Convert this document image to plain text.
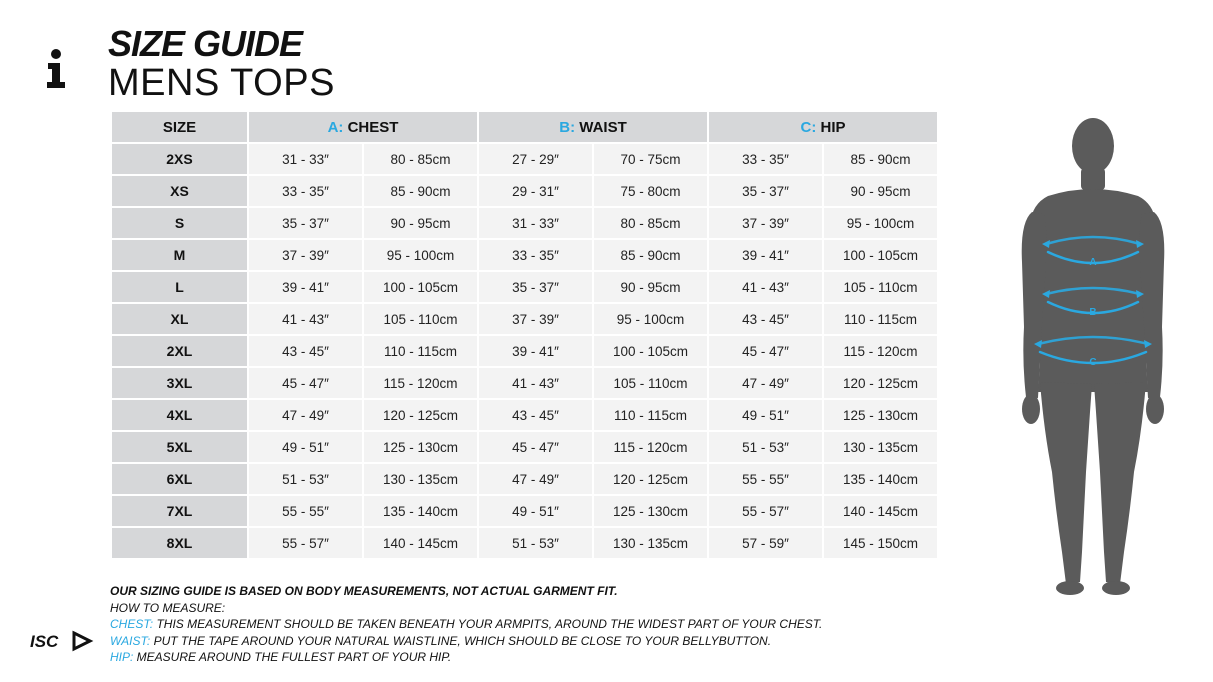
SIZE GUIDE
MENS TOPS
SIZE	A: CHEST		B: WAIST		C: HIP	
2XS	31 - 33″	80 - 85cm	27 - 29″	70 - 75cm	33 - 35″	85 - 90cm
XS	33 - 35″	85 - 90cm	29 - 31″	75 - 80cm	35 - 37″	90 - 95cm
S	35 - 37″	90 - 95cm	31 - 33″	80 - 85cm	37 - 39″	95 - 100cm
M	37 - 39″	95 - 100cm	33 - 35″	85 - 90cm	39 - 41″	100 - 105cm
L	39 - 41″	100 - 105cm	35 - 37″	90 - 95cm	41 - 43″	105 - 110cm
XL	41 - 43″	105 - 110cm	37 - 39″	95 - 100cm	43 - 45″	110 - 115cm
2XL	43 - 45″	110 - 115cm	39 - 41″	100 - 105cm	45 - 47″	115 - 120cm
3XL	45 - 47″	115 - 120cm	41 - 43″	105 - 110cm	47 - 49″	120 - 125cm
4XL	47 - 49″	120 - 125cm	43 - 45″	110 - 115cm	49 - 51″	125 - 130cm
5XL	49 - 51″	125 - 130cm	45 - 47″	115 - 120cm	51 - 53″	130 - 135cm
6XL	51 - 53″	130 - 135cm	47 - 49″	120 - 125cm	55 - 55″	135 - 140cm
7XL	55 - 55″	135 - 140cm	49 - 51″	125 - 130cm	55 - 57″	140 - 145cm
8XL	55 - 57″	140 - 145cm	51 - 53″	130 - 135cm	57 - 59″	145 - 150cm
A
B
C

OUR SIZING GUIDE IS BASED ON BODY MEASUREMENTS, NOT ACTUAL GARMENT FIT.

HOW TO MEASURE:

CHEST: THIS MEASUREMENT SHOULD BE TAKEN BENEATH YOUR ARMPITS, AROUND THE WIDEST PART OF YOUR CHEST.

WAIST: PUT THE TAPE AROUND YOUR NATURAL WAISTLINE, WHICH SHOULD BE CLOSE TO YOUR BELLYBUTTON.

HIP: MEASURE AROUND THE FULLEST PART OF YOUR HIP.

ISC
